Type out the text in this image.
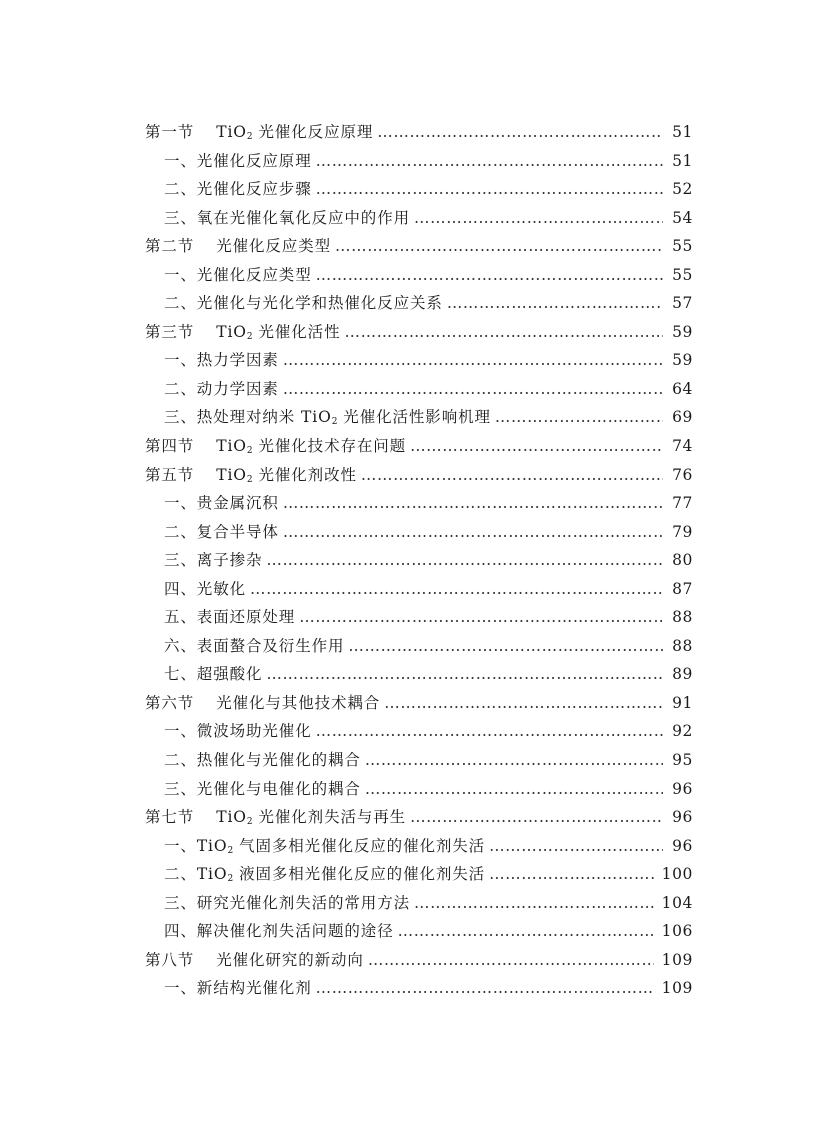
第一节 TiO$_2$ 光催化反应原理 ………………………………………………………………………………………………………………………………………………………………………………	51
一、光催化反应原理 ………………………………………………………………………………………………………………………………………………………………………………	51
二、光催化反应步骤 ………………………………………………………………………………………………………………………………………………………………………………	52
三、氧在光催化氧化反应中的作用 ………………………………………………………………………………………………………………………………………………………………………………	54
第二节 光催化反应类型 ………………………………………………………………………………………………………………………………………………………………………………	55
一、光催化反应类型 ………………………………………………………………………………………………………………………………………………………………………………	55
二、光催化与光化学和热催化反应关系 ………………………………………………………………………………………………………………………………………………………………………………	57
第三节 TiO$_2$ 光催化活性 ………………………………………………………………………………………………………………………………………………………………………………	59
一、热力学因素 ………………………………………………………………………………………………………………………………………………………………………………	59
二、动力学因素 ………………………………………………………………………………………………………………………………………………………………………………	64
三、热处理对纳米 TiO$_2$ 光催化活性影响机理 ………………………………………………………………………………………………………………………………………………………………………………	69
第四节 TiO$_2$ 光催化技术存在问题 ………………………………………………………………………………………………………………………………………………………………………………	74
第五节 TiO$_2$ 光催化剂改性 ………………………………………………………………………………………………………………………………………………………………………………	76
一、贵金属沉积 ………………………………………………………………………………………………………………………………………………………………………………	77
二、复合半导体 ………………………………………………………………………………………………………………………………………………………………………………	79
三、离子掺杂 ………………………………………………………………………………………………………………………………………………………………………………	80
四、光敏化 ………………………………………………………………………………………………………………………………………………………………………………	87
五、表面还原处理 ………………………………………………………………………………………………………………………………………………………………………………	88
六、表面螯合及衍生作用 ………………………………………………………………………………………………………………………………………………………………………………	88
七、超强酸化 ………………………………………………………………………………………………………………………………………………………………………………	89
第六节 光催化与其他技术耦合 ………………………………………………………………………………………………………………………………………………………………………………	91
一、微波场助光催化 ………………………………………………………………………………………………………………………………………………………………………………	92
二、热催化与光催化的耦合 ………………………………………………………………………………………………………………………………………………………………………………	95
三、光催化与电催化的耦合 ………………………………………………………………………………………………………………………………………………………………………………	96
第七节 TiO$_2$ 光催化剂失活与再生 ………………………………………………………………………………………………………………………………………………………………………………	96
一、TiO$_2$ 气固多相光催化反应的催化剂失活 ………………………………………………………………………………………………………………………………………………………………………………	96
二、TiO$_2$ 液固多相光催化反应的催化剂失活 ………………………………………………………………………………………………………………………………………………………………………………	100
三、研究光催化剂失活的常用方法 ………………………………………………………………………………………………………………………………………………………………………………	104
四、解决催化剂失活问题的途径 ………………………………………………………………………………………………………………………………………………………………………………	106
第八节 光催化研究的新动向 ………………………………………………………………………………………………………………………………………………………………………………	109
一、新结构光催化剂 ………………………………………………………………………………………………………………………………………………………………………………	109
